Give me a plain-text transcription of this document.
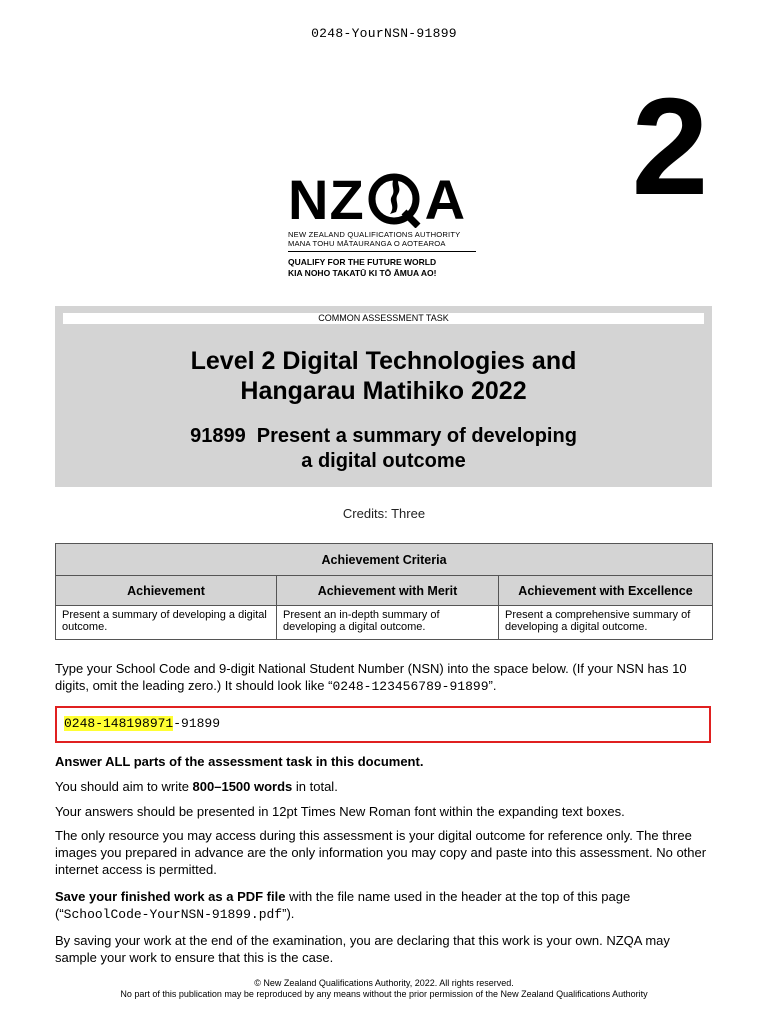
0248-YourNSN-91899
2
NZ A
NEW ZEALAND QUALIFICATIONS AUTHORITY
MANA TOHU MĀTAURANGA O AOTEAROA
QUALIFY FOR THE FUTURE WORLD
KIA NOHO TAKATŪ KI TŌ ĀMUA AO!
COMMON ASSESSMENT TASK
Level 2 Digital Technologies and
Hangarau Matihiko 2022
91899  Present a summary of developing
a digital outcome
Credits: Three
Achievement Criteria		
Achievement	Achievement with Merit	Achievement with Excellence
Present a summary of developing a digital outcome.	Present an in-depth summary of developing a digital outcome.	Present a comprehensive summary of developing a digital outcome.
Type your School Code and 9-digit National Student Number (NSN) into the space below. (If your NSN has 10 digits, omit the leading zero.) It should look like “0248-123456789-91899”.
0248-148198971-91899
Answer ALL parts of the assessment task in this document.
You should aim to write 800–1500 words in total.
Your answers should be presented in 12pt Times New Roman font within the expanding text boxes.
The only resource you may access during this assessment is your digital outcome for reference only. The three images you prepared in advance are the only information you may copy and paste into this assessment. No other internet access is permitted.
Save your finished work as a PDF file with the file name used in the header at the top of this page (“SchoolCode-YourNSN-91899.pdf”).
By saving your work at the end of the examination, you are declaring that this work is your own. NZQA may sample your work to ensure that this is the case.
© New Zealand Qualifications Authority, 2022. All rights reserved.
No part of this publication may be reproduced by any means without the prior permission of the New Zealand Qualifications Authority
